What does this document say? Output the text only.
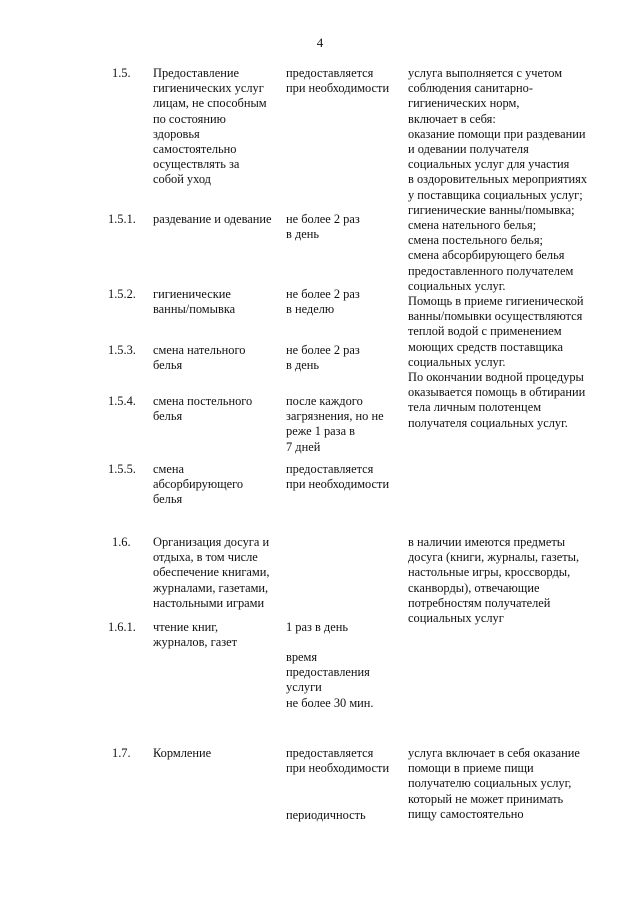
4
1.5. Предоставление
гигиенических услуг
лицам, не способным
по состоянию
здоровья
самостоятельно
осуществлять за
собой уход
предоставляется
при необходимости
услуга выполняется с учетом
соблюдения санитарно-
гигиенических норм,
включает в себя:
оказание помощи при раздевании
и одевании получателя
социальных услуг для участия
в оздоровительных мероприятиях
у поставщика социальных услуг;
гигиенические ванны/помывка;
смена нательного белья;
смена постельного белья;
смена абсорбирующего белья
предоставленного получателем
социальных услуг.
Помощь в приеме гигиенической
ванны/помывки осуществляются
теплой водой с применением
моющих средств поставщика
социальных услуг.
По окончании водной процедуры
оказывается помощь в обтирании
тела личным полотенцем
получателя социальных услуг.
1.5.1. раздевание и одевание	не более 2 раз
в день
1.5.2. гигиенические
ванны/помывка
не более 2 раз
в неделю
1.5.3. смена нательного
белья
не более 2 раз
в день
1.5.4. смена постельного
белья
после каждого
загрязнения, но не
реже 1 раза в
7 дней
1.5.5. смена
абсорбирующего
белья
предоставляется
при необходимости
1.6. Организация досуга и
отдыха, в том числе
обеспечение книгами,
журналами, газетами,
настольными играми
в наличии имеются предметы
досуга (книги, журналы, газеты,
настольные игры, кроссворды,
сканворды), отвечающие
потребностям получателей
социальных услуг
1.6.1. чтение книг,
журналов, газет
1 раз в день
время
предоставления
услуги
не более 30 мин.
1.7. Кормление	предоставляется
при необходимости
периодичность
услуга включает в себя оказание
помощи в приеме пищи
получателю социальных услуг,
который не может принимать
пищу самостоятельно
